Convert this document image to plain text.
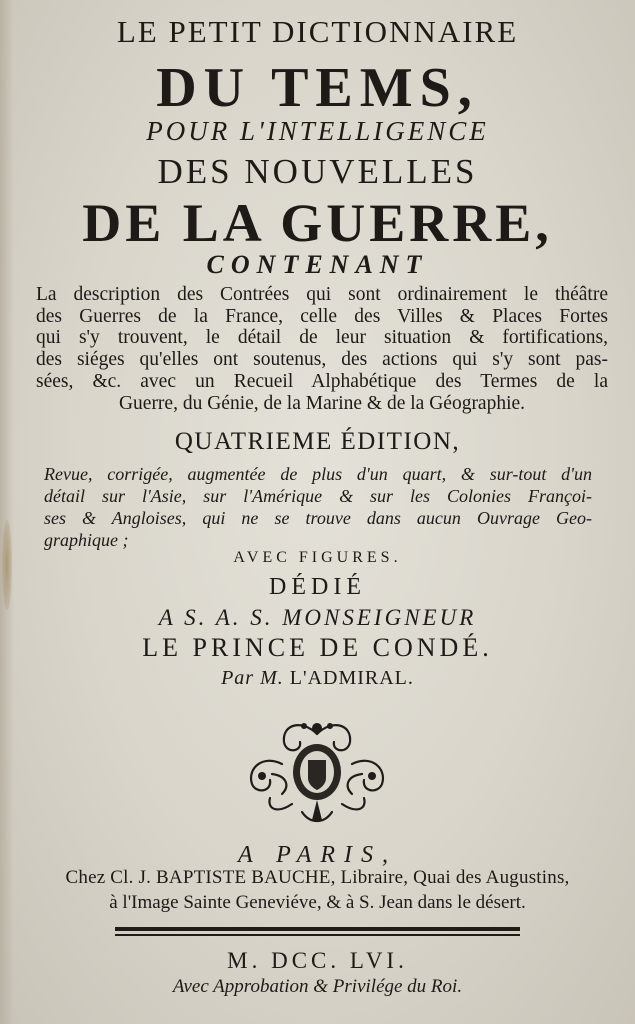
LE PETIT DICTIONNAIRE
DU TEMS,
POUR L'INTELLIGENCE
DES NOUVELLES
DE LA GUERRE,
CONTENANT
La description des Contrées qui sont ordinairement le théâtre
des Guerres de la France, celle des Villes & Places Fortes
qui s'y trouvent, le détail de leur situation & fortifications,
des siéges qu'elles ont soutenus, des actions qui s'y sont pas-
sées, &c. avec un Recueil Alphabétique des Termes de la
Guerre, du Génie, de la Marine & de la Géographie.
QUATRIEME ÉDITION,
Revue, corrigée, augmentée de plus d'un quart, & sur-tout d'un
détail sur l'Asie, sur l'Amérique & sur les Colonies Françoi-
ses & Angloises, qui ne se trouve dans aucun Ouvrage Geo-
graphique ;
AVEC FIGURES.
DÉDIÉ
A S. A. S. MONSEIGNEUR
LE PRINCE DE CONDÉ.
Par M. L'ADMIRAL.
A PARIS,
Chez Cl. J. BAPTISTE BAUCHE, Libraire, Quai des Augustins,
à l'Image Sainte Geneviéve, & à S. Jean dans le désert.
M. DCC. LVI.
Avec Approbation & Privilége du Roi.
